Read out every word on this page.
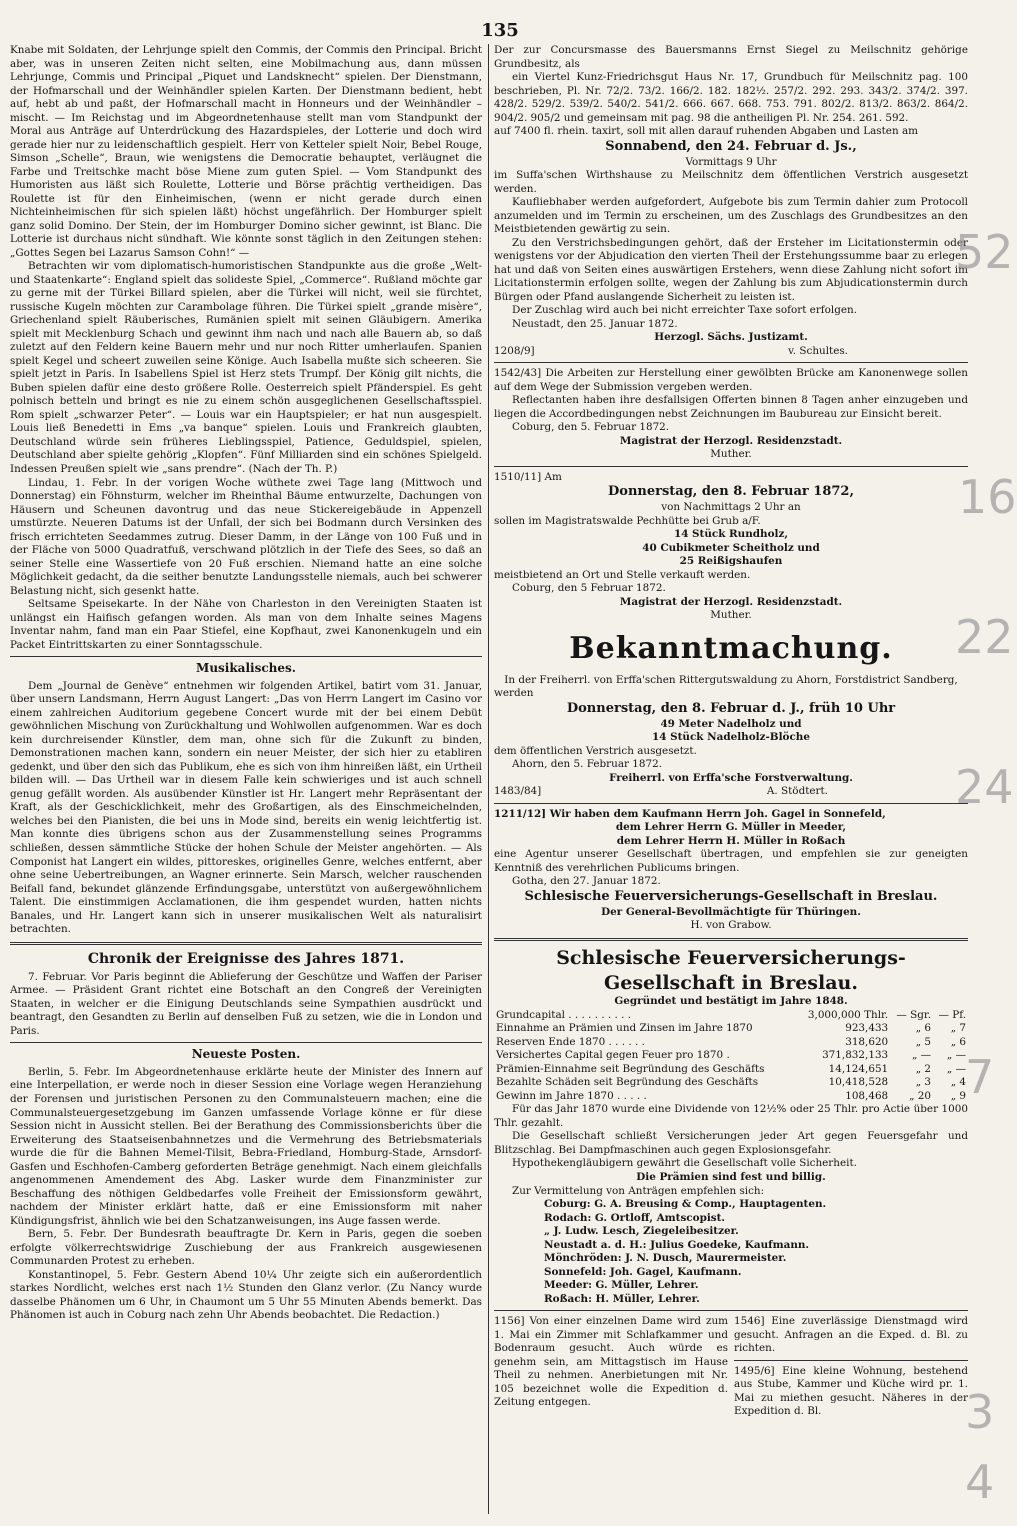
135

Knabe mit Soldaten, der Lehrjunge spielt den Commis, der Commis den Principal. Bricht aber, was in unseren Zeiten nicht selten, eine Mobilmachung aus, dann müssen Lehrjunge, Commis und Principal „Piquet und Landsknecht“ spielen. Der Dienstmann, der Hofmarschall und der Weinhändler spielen Karten. Der Dienstmann bedient, hebt auf, hebt ab und paßt, der Hofmarschall macht in Honneurs und der Weinhändler – mischt. — Im Reichstag und im Abgeordnetenhause stellt man vom Standpunkt der Moral aus Anträge auf Unterdrückung des Hazardspieles, der Lotterie und doch wird gerade hier nur zu leidenschaftlich gespielt. Herr von Ketteler spielt Noir, Bebel Rouge, Simson „Schelle“, Braun, wie wenigstens die Democratie behauptet, verläugnet die Farbe und Treitschke macht böse Miene zum guten Spiel. — Vom Standpunkt des Humoristen aus läßt sich Roulette, Lotterie und Börse prächtig vertheidigen. Das Roulette ist für den Einheimischen, (wenn er nicht gerade durch einen Nichteinheimischen für sich spielen läßt) höchst ungefährlich. Der Homburger spielt ganz solid Domino. Der Stein, der im Homburger Domino sicher gewinnt, ist Blanc. Die Lotterie ist durchaus nicht sündhaft. Wie könnte sonst täglich in den Zeitungen stehen: „Gottes Segen bei Lazarus Samson Cohn!“ —

Betrachten wir vom diplomatisch-humoristischen Standpunkte aus die große „Welt- und Staatenkarte“: England spielt das solideste Spiel, „Commerce“. Rußland möchte gar zu gerne mit der Türkei Billard spielen, aber die Türkei will nicht, weil sie fürchtet, russische Kugeln möchten zur Carambolage führen. Die Türkei spielt „grande misère“, Griechenland spielt Räuberisches, Rumänien spielt mit seinen Gläubigern. Amerika spielt mit Mecklenburg Schach und gewinnt ihm nach und nach alle Bauern ab, so daß zuletzt auf den Feldern keine Bauern mehr und nur noch Ritter umherlaufen. Spanien spielt Kegel und scheert zuweilen seine Könige. Auch Isabella mußte sich scheeren. Sie spielt jetzt in Paris. In Isabellens Spiel ist Herz stets Trumpf. Der König gilt nichts, die Buben spielen dafür eine desto größere Rolle. Oesterreich spielt Pfänderspiel. Es geht polnisch betteln und bringt es nie zu einem schön ausgeglichenen Gesellschaftsspiel. Rom spielt „schwarzer Peter“. — Louis war ein Hauptspieler; er hat nun ausgespielt. Louis ließ Benedetti in Ems „va banque“ spielen. Louis und Frankreich glaubten, Deutschland würde sein früheres Lieblingsspiel, Patience, Geduldspiel, spielen, Deutschland aber spielte gehörig „Klopfen“. Fünf Milliarden sind ein schönes Spielgeld. Indessen Preußen spielt wie „sans prendre“. (Nach der Th. P.)

Lindau, 1. Febr. In der vorigen Woche wüthete zwei Tage lang (Mittwoch und Donnerstag) ein Föhnsturm, welcher im Rheinthal Bäume entwurzelte, Dachungen von Häusern und Scheunen davontrug und das neue Stickereigebäude in Appenzell umstürzte. Neueren Datums ist der Unfall, der sich bei Bodmann durch Versinken des frisch errichteten Seedammes zutrug. Dieser Damm, in der Länge von 100 Fuß und in der Fläche von 5000 Quadratfuß, verschwand plötzlich in der Tiefe des Sees, so daß an seiner Stelle eine Wassertiefe von 20 Fuß erschien. Niemand hatte an eine solche Möglichkeit gedacht, da die seither benutzte Landungsstelle niemals, auch bei schwerer Belastung nicht, sich gesenkt hatte.

Seltsame Speisekarte. In der Nähe von Charleston in den Vereinigten Staaten ist unlängst ein Haifisch gefangen worden. Als man von dem Inhalte seines Magens Inventar nahm, fand man ein Paar Stiefel, eine Kopfhaut, zwei Kanonenkugeln und ein Packet Eintrittskarten zu einer Sonntagsschule.

Musikalisches.

Dem „Journal de Genève“ entnehmen wir folgenden Artikel, batirt vom 31. Januar, über unsern Landsmann, Herrn August Langert: „Das von Herrn Langert im Casino vor einem zahlreichen Auditorium gegebene Concert wurde mit der bei einem Debüt gewöhnlichen Mischung von Zurückhaltung und Wohlwollen aufgenommen. War es doch kein durchreisender Künstler, dem man, ohne sich für die Zukunft zu binden, Demonstrationen machen kann, sondern ein neuer Meister, der sich hier zu etabliren gedenkt, und über den sich das Publikum, ehe es sich von ihm hinreißen läßt, ein Urtheil bilden will. — Das Urtheil war in diesem Falle kein schwieriges und ist auch schnell genug gefällt worden. Als ausübender Künstler ist Hr. Langert mehr Repräsentant der Kraft, als der Geschicklichkeit, mehr des Großartigen, als des Einschmeichelnden, welches bei den Pianisten, die bei uns in Mode sind, bereits ein wenig leichtfertig ist. Man konnte dies übrigens schon aus der Zusammenstellung seines Programms schließen, dessen sämmtliche Stücke der hohen Schule der Meister angehörten. — Als Componist hat Langert ein wildes, pittoreskes, originelles Genre, welches entfernt, aber ohne seine Uebertreibungen, an Wagner erinnerte. Sein Marsch, welcher rauschenden Beifall fand, bekundet glänzende Erfindungsgabe, unterstützt von außergewöhnlichem Talent. Die einstimmigen Acclamationen, die ihm gespendet wurden, hatten nichts Banales, und Hr. Langert kann sich in unserer musikalischen Welt als naturalisirt betrachten.

Chronik der Ereignisse des Jahres 1871.

7. Februar. Vor Paris beginnt die Ablieferung der Geschütze und Waffen der Pariser Armee. — Präsident Grant richtet eine Botschaft an den Congreß der Vereinigten Staaten, in welcher er die Einigung Deutschlands seine Sympathien ausdrückt und beantragt, den Gesandten zu Berlin auf denselben Fuß zu setzen, wie die in London und Paris.

Neueste Posten.

Berlin, 5. Febr. Im Abgeordnetenhause erklärte heute der Minister des Innern auf eine Interpellation, er werde noch in dieser Session eine Vorlage wegen Heranziehung der Forensen und juristischen Personen zu den Communalsteuern machen; eine die Communalsteuergesetzgebung im Ganzen umfassende Vorlage könne er für diese Session nicht in Aussicht stellen. Bei der Berathung des Commissionsberichts über die Erweiterung des Staatseisenbahnnetzes und die Vermehrung des Betriebsmaterials wurde die für die Bahnen Memel-Tilsit, Bebra-Friedland, Homburg-Stade, Arnsdorf-Gasfen und Eschhofen-Camberg geforderten Beträge genehmigt. Nach einem gleichfalls angenommenen Amendement des Abg. Lasker wurde dem Finanzminister zur Beschaffung des nöthigen Geldbedarfes volle Freiheit der Emissionsform gewährt, nachdem der Minister erklärt hatte, daß er eine Emissionsform mit naher Kündigungsfrist, ähnlich wie bei den Schatzanweisungen, ins Auge fassen werde.

Bern, 5. Febr. Der Bundesrath beauftragte Dr. Kern in Paris, gegen die soeben erfolgte völkerrechtswidrige Zuschiebung der aus Frankreich ausgewiesenen Communarden Protest zu erheben.

Konstantinopel, 5. Febr. Gestern Abend 10¼ Uhr zeigte sich ein außerordentlich starkes Nordlicht, welches erst nach 1½ Stunden den Glanz verlor. (Zu Nancy wurde dasselbe Phänomen um 6 Uhr, in Chaumont um 5 Uhr 55 Minuten Abends bemerkt. Das Phänomen ist auch in Coburg nach zehn Uhr Abends beobachtet. Die Redaction.)

Der zur Concursmasse des Bauersmanns Ernst Siegel zu Meilschnitz gehörige Grundbesitz, als

ein Viertel Kunz-Friedrichsgut Haus Nr. 17, Grundbuch für Meilschnitz pag. 100 beschrieben, Pl. Nr. 72/2. 73/2. 166/2. 182. 182½. 257/2. 292. 293. 343/2. 374/2. 397. 428/2. 529/2. 539/2. 540/2. 541/2. 666. 667. 668. 753. 791. 802/2. 813/2. 863/2. 864/2. 904/2. 905/2 und gemeinsam mit pag. 98 die antheiligen Pl. Nr. 254. 261. 592.

auf 7400 fl. rhein. taxirt, soll mit allen darauf ruhenden Abgaben und Lasten am

Sonnabend, den 24. Februar d. Js.,

Vormittags 9 Uhr

im Suffa'schen Wirthshause zu Meilschnitz dem öffentlichen Verstrich ausgesetzt werden.

Kaufliebhaber werden aufgefordert, Aufgebote bis zum Termin dahier zum Protocoll anzumelden und im Termin zu erscheinen, um des Zuschlags des Grundbesitzes an den Meistbietenden gewärtig zu sein.

Zu den Verstrichsbedingungen gehört, daß der Ersteher im Licitationstermin oder wenigstens vor der Abjudication den vierten Theil der Erstehungssumme baar zu erlegen hat und daß von Seiten eines auswärtigen Erstehers, wenn diese Zahlung nicht sofort im Licitationstermin erfolgen sollte, wegen der Zahlung bis zum Abjudicationstermin durch Bürgen oder Pfand auslangende Sicherheit zu leisten ist.

Der Zuschlag wird auch bei nicht erreichter Taxe sofort erfolgen.

Neustadt, den 25. Januar 1872.

Herzogl. Sächs. Justizamt.

1208/9]	v. Schultes.

1542/43] Die Arbeiten zur Herstellung einer gewölbten Brücke am Kanonenwege sollen auf dem Wege der Submission vergeben werden.

Reflectanten haben ihre desfallsigen Offerten binnen 8 Tagen anher einzugeben und liegen die Accordbedingungen nebst Zeichnungen im Baubureau zur Einsicht bereit.

Coburg, den 5. Februar 1872.

Magistrat der Herzogl. Residenzstadt.

Muther.

1510/11] Am

Donnerstag, den 8. Februar 1872,

von Nachmittags 2 Uhr an

sollen im Magistratswalde Pechhütte bei Grub a/F.

14 Stück Rundholz,

40 Cubikmeter Scheitholz und

25 Reißigshaufen

meistbietend an Ort und Stelle verkauft werden.

Coburg, den 5 Februar 1872.

Magistrat der Herzogl. Residenzstadt.

Muther.

Bekanntmachung.

In der Freiherrl. von Erffa'schen Rittergutswaldung zu Ahorn, Forstdistrict Sandberg,

werden

Donnerstag, den 8. Februar d. J., früh 10 Uhr

49 Meter Nadelholz und

14 Stück Nadelholz-Blöche

dem öffentlichen Verstrich ausgesetzt.

Ahorn, den 5. Februar 1872.

Freiherrl. von Erffa'sche Forstverwaltung.

1483/84]	A. Stödtert.

1211/12] Wir haben dem Kaufmann Herrn Joh. Gagel in Sonnefeld,

dem Lehrer Herrn G. Müller in Meeder,

dem Lehrer Herrn H. Müller in Roßach

eine Agentur unserer Gesellschaft übertragen, und empfehlen sie zur geneigten Kenntniß des verehrlichen Publicums bringen.

Gotha, den 27. Januar 1872.

Schlesische Feuerversicherungs-Gesellschaft in Breslau.

Der General-Bevollmächtigte für Thüringen.

H. von Grabow.

Schlesische Feuerversicherungs-Gesellschaft in Breslau.

Gegründet und bestätigt im Jahre 1848.

Grundcapital . . . . . . . . . .	3,000,000 Thlr.	— Sgr.	— Pf.
Einnahme an Prämien und Zinsen im Jahre 1870	923,433	„ 6	„ 7
Reserven Ende 1870 . . . . . .	318,620	„ 5	„ 6
Versichertes Capital gegen Feuer pro 1870 .	371,832,133	„ —	„ —
Prämien-Einnahme seit Begründung des Geschäfts	14,124,651	„ 2	„ —
Bezahlte Schäden seit Begründung des Geschäfts	10,418,528	„ 3	„ 4
Gewinn im Jahre 1870 . . . . .	108,468	„ 20	„ 9

Für das Jahr 1870 wurde eine Dividende von 12½% oder 25 Thlr. pro Actie über 1000 Thlr. gezahlt.

Die Gesellschaft schließt Versicherungen jeder Art gegen Feuersgefahr und Blitzschlag. Bei Dampfmaschinen auch gegen Explosionsgefahr.

Hypothekengläubigern gewährt die Gesellschaft volle Sicherheit.

Die Prämien sind fest und billig.

Zur Vermittelung von Anträgen empfehlen sich:

Coburg: G. A. Breusing & Comp., Hauptagenten.

Rodach: G. Ortloff, Amtscopist.

„ J. Ludw. Lesch, Ziegeleibesitzer.

Neustadt a. d. H.: Julius Goedeke, Kaufmann.

Mönchröden: J. N. Dusch, Maurermeister.

Sonnefeld: Joh. Gagel, Kaufmann.

Meeder: G. Müller, Lehrer.

Roßach: H. Müller, Lehrer.

1156] Von einer einzelnen Dame wird zum 1. Mai ein Zimmer mit Schlafkammer und Bodenraum gesucht. Auch würde es genehm sein, am Mittagstisch im Hause Theil zu nehmen. Anerbietungen mit Nr. 105 bezeichnet wolle die Expedition d. Zeitung entgegen.

1546] Eine zuverlässige Dienstmagd wird gesucht. Anfragen an die Exped. d. Bl. zu richten.

1495/6] Eine kleine Wohnung, bestehend aus Stube, Kammer und Küche wird pr. 1. Mai zu miethen gesucht. Näheres in der Expedition d. Bl.

52
16
22
24
7
3
4
